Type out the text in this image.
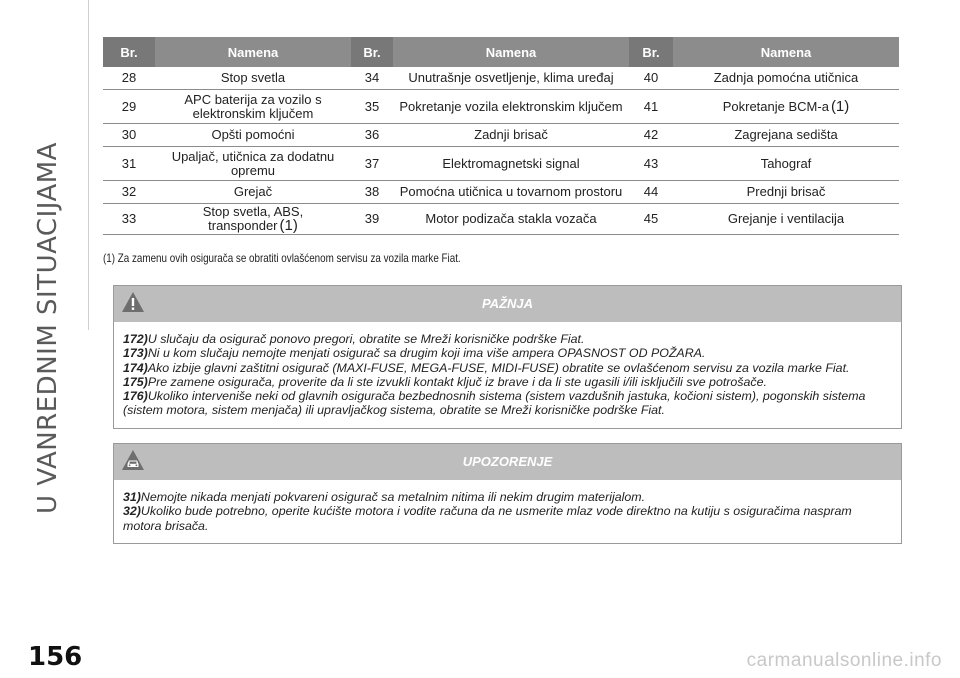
U VANREDNIM SITUACIJAMA
Br.	Namena	Br.	Namena	Br.	Namena
28	Stop svetla	34	Unutrašnje osvetljenje, klima uređaj	40	Zadnja pomoćna utičnica
29	APC baterija za vozilo s elektronskim ključem	35	Pokretanje vozila elektronskim ključem	41	Pokretanje BCM-a (1)
30	Opšti pomoćni	36	Zadnji brisač	42	Zagrejana sedišta
31	Upaljač, utičnica za dodatnu opremu	37	Elektromagnetski signal	43	Tahograf
32	Grejač	38	Pomoćna utičnica u tovarnom prostoru	44	Prednji brisač
33	Stop svetla, ABS, transponder (1)	39	Motor podizača stakla vozača	45	Grejanje i ventilacija
(1) Za zamenu ovih osigurača se obratiti ovlašćenom servisu za vozila marke Fiat.
PAŽNJA

172)U slučaju da osigurač ponovo pregori, obratite se Mreži korisničke podrške Fiat.

173)Ni u kom slučaju nemojte menjati osigurač sa drugim koji ima više ampera OPASNOST OD POŽARA.

174)Ako izbije glavni zaštitni osigurač (MAXI-FUSE, MEGA-FUSE, MIDI-FUSE) obratite se ovlašćenom servisu za vozila marke Fiat.

175)Pre zamene osigurača, proverite da li ste izvukli kontakt ključ iz brave i da li ste ugasili i/ili isključili sve potrošače.

176)Ukoliko interveniše neki od glavnih osigurača bezbednosnih sistema (sistem vazdušnih jastuka, kočioni sistem), pogonskih sistema (sistem motora, sistem menjača) ili upravljačkog sistema, obratite se Mreži korisničke podrške Fiat.

UPOZORENJE

31)Nemojte nikada menjati pokvareni osigurač sa metalnim nitima ili nekim drugim materijalom.

32)Ukoliko bude potrebno, operite kućište motora i vodite računa da ne usmerite mlaz vode direktno na kutiju s osiguračima naspram motora brisača.

156	carmanualsonline.info
